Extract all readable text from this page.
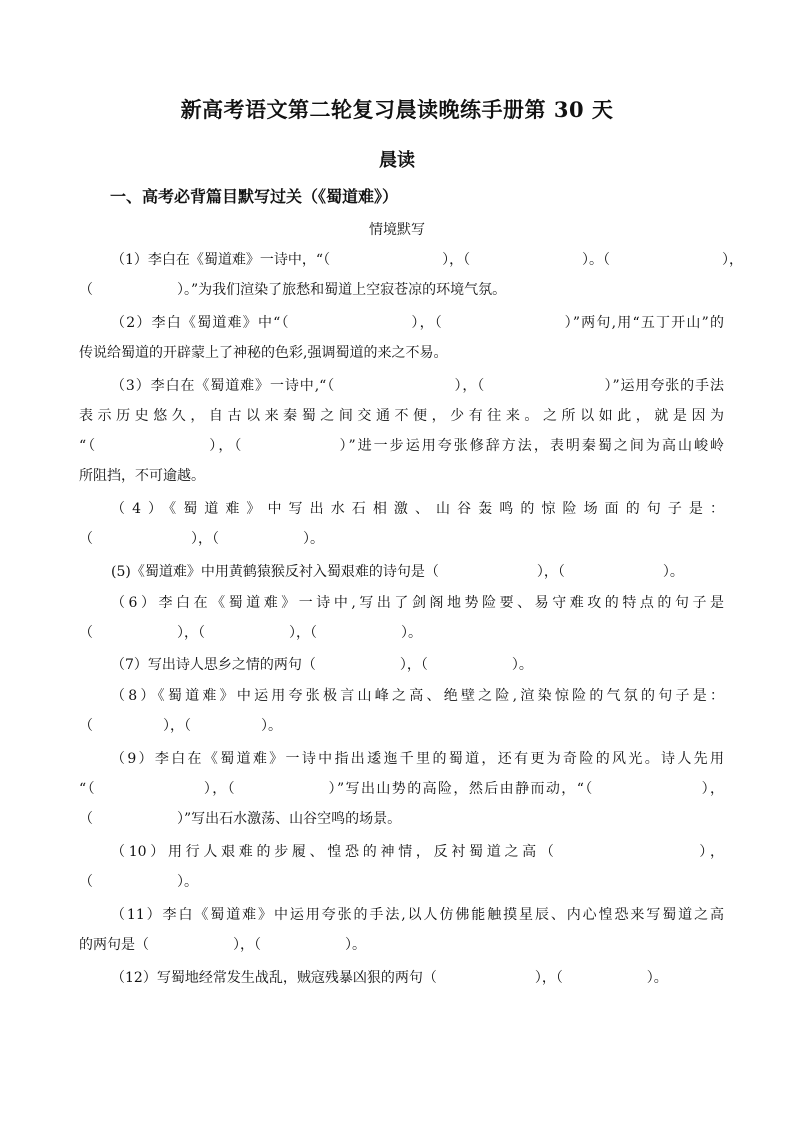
新高考语文第二轮复习晨读晚练手册第 30 天
晨读
一、高考必背篇目默写过关（《蜀道难》）
情境默写
（1）李白在《蜀道难》一诗中，“（　　　　　　　　），（　　　　　　　　）。（　　　　　　　　），
（　　　　　　）。”为我们渲染了旅愁和蜀道上空寂苍凉的环境气氛。
（2）李白《蜀道难》中“（　　　　　　　　），（　　　　　　　　）”两句,用“五丁开山”的
传说给蜀道的开辟蒙上了神秘的色彩,强调蜀道的来之不易。
（3）李白在《蜀道难》一诗中,“（　　　　　　　　），（　　　　　　　　）”运用夸张的手法
表示历史悠久，自古以来秦蜀之间交通不便，少有往来。之所以如此，就是因为
“（　　　　　　　），（　　　　　　）”进一步运用夸张修辞方法，表明秦蜀之间为高山峻岭
所阻挡，不可逾越。
（4）《蜀道难》中写出水石相激、山谷轰鸣的惊险场面的句子是：
（　　　　　　　），（　　　　　　）。
(5)《蜀道难》中用黄鹤猿猴反衬入蜀艰难的诗句是（　　　　　　　），（　　　　　　　）。
（6）李白在《蜀道难》一诗中,写出了剑阁地势险要、易守难攻的特点的句子是
（　　　　　　），（　　　　　　），（　　　　　　）。
（7）写出诗人思乡之情的两句（　　　　　　），（　　　　　　）。
（8）《蜀道难》中运用夸张极言山峰之高、绝壁之险,渲染惊险的气氛的句子是：
（　　　　　），（　　　　　）。
（9）李白在《蜀道难》一诗中指出逶迤千里的蜀道，还有更为奇险的风光。诗人先用
“（　　　　　　　），（　　　　　　）”写出山势的高险，然后由静而动，“（　　　　　　　），
（　　　　　　）”写出石水激荡、山谷空鸣的场景。
（10）用行人艰难的步履、惶恐的神情，反衬蜀道之高（　　　　　　　　），
（　　　　　　）。
（11）李白《蜀道难》中运用夸张的手法,以人仿佛能触摸星辰、内心惶恐来写蜀道之高
的两句是（　　　　　　），（　　　　　　）。
（12）写蜀地经常发生战乱，贼寇残暴凶狠的两句（　　　　　　　），（　　　　　　）。
